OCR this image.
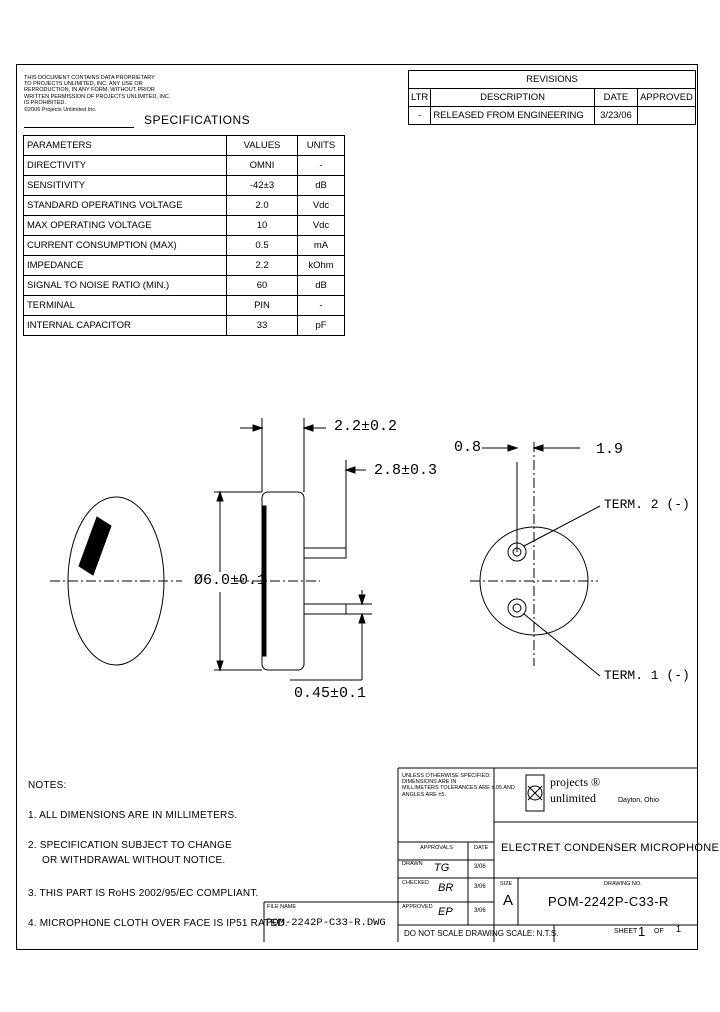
THIS DOCUMENT CONTAINS DATA PROPRIETARY
TO PROJECTS UNLIMITED, INC. ANY USE OR
REPRODUCTION, IN ANY FORM, WITHOUT PRIOR
WRITTEN PERMISSION OF PROJECTS UNLIMITED, INC.
IS PROHIBITED.
©2006 Projects Unlimited Inc.
SPECIFICATIONS
REVISIONS			
LTR	DESCRIPTION	DATE	APPROVED
-	RELEASED FROM ENGINEERING	3/23/06	
PARAMETERS	VALUES	UNITS
DIRECTIVITY	OMNI	-
SENSITIVITY	-42±3	dB
STANDARD OPERATING VOLTAGE	2.0	Vdc
MAX OPERATING VOLTAGE	10	Vdc
CURRENT CONSUMPTION (MAX)	0.5	mA
IMPEDANCE	2.2	kOhm
SIGNAL TO NOISE RATIO (MIN.)	60	dB
TERMINAL	PIN	-
INTERNAL CAPACITOR	33	pF
2.2±0.2
2.8±0.3
Ø6.0±0.1
0.45±0.1
0.8	1.9
TERM. 2 (-)
TERM. 1 (-)
NOTES:
1. ALL DIMENSIONS ARE IN MILLIMETERS.
2. SPECIFICATION SUBJECT TO CHANGE
OR WITHDRAWAL WITHOUT NOTICE.
3. THIS PART IS RoHS 2002/95/EC COMPLIANT.
4. MICROPHONE CLOTH OVER FACE IS IP51 RATED.
UNLESS OTHERWISE SPECIFIED:
DIMENSIONS ARE IN
MILLIMETERS TOLERANCES ARE ±.05 AND
ANGLES ARE ±5.
projects ®
unlimited	Dayton, Ohio
APPROVALS	DATE
DRAWN TG	3/06
CHECKED BR	3/06
APPROVED EP	3/06
FILE NAME
POM-2242P-C33-R.DWG
ELECTRET CONDENSER MICROPHONE
SIZE
A
DRAWING NO.
POM-2242P-C33-R
DO NOT SCALE DRAWING SCALE: N.T.S.	SHEET 1 OF 1
